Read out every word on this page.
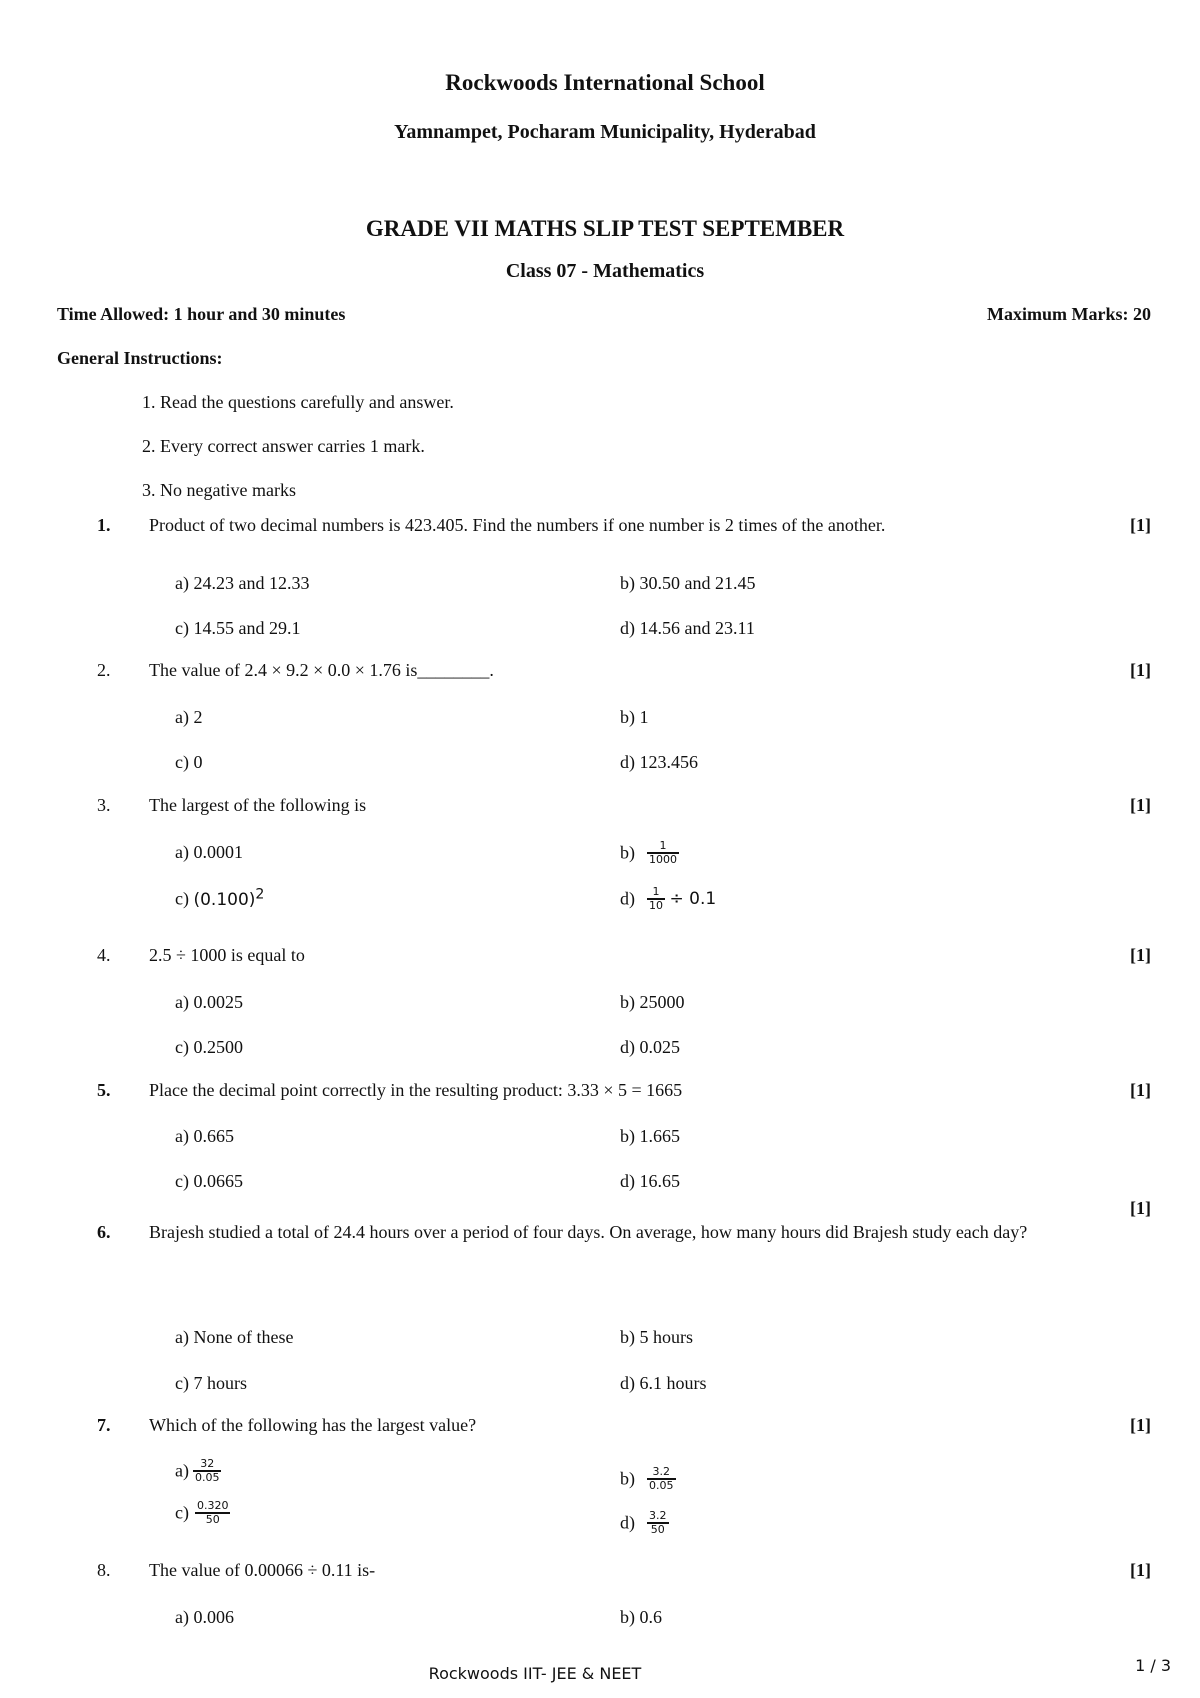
Rockwoods International School
Yamnampet, Pocharam Municipality, Hyderabad
GRADE VII MATHS SLIP TEST SEPTEMBER
Class 07 - Mathematics
Time Allowed: 1 hour and 30 minutes	Maximum Marks: 20
General Instructions:
1. Read the questions carefully and answer.
2. Every correct answer carries 1 mark.
3. No negative marks
1. Product of two decimal numbers is 423.405. Find the numbers if one number is 2 times of the another.	[1]
a) 24.23 and 12.33	b) 30.50 and 21.45
c) 14.55 and 29.1	d) 14.56 and 23.11
2. The value of 2.4 × 9.2 × 0.0 × 1.76 is________.	[1]
a) 2	b) 1
c) 0	d) 123.456
3. The largest of the following is	[1]
a) 0.0001	$b) \frac{1}{1000}$
c) $(0.100)^2$	$d) \frac{1}{10} \div 0.1$
4. 2.5 ÷ 1000 is equal to	[1]
a) 0.0025	b) 25000
c) 0.2500	d) 0.025
5. Place the decimal point correctly in the resulting product: 3.33 × 5 = 1665	[1]
a) 0.665	b) 1.665
c) 0.0665	d) 16.65
6. Brajesh studied a total of 24.4 hours over a period of four days. On average, how many hours did Brajesh study each day?
[1]
a) None of these	b) 5 hours
c) 7 hours	d) 6.1 hours
7. Which of the following has the largest value?	[1]
$a) \frac{32}{0.05}$	$b) \frac{3.2}{0.05}$
$c) \frac{0.320}{50}$	$d) \frac{3.2}{50}$
8. The value of 0.00066 ÷ 0.11 is-	[1]
a) 0.006	b) 0.6
Rockwoods IIT- JEE & NEET	1 / 3
